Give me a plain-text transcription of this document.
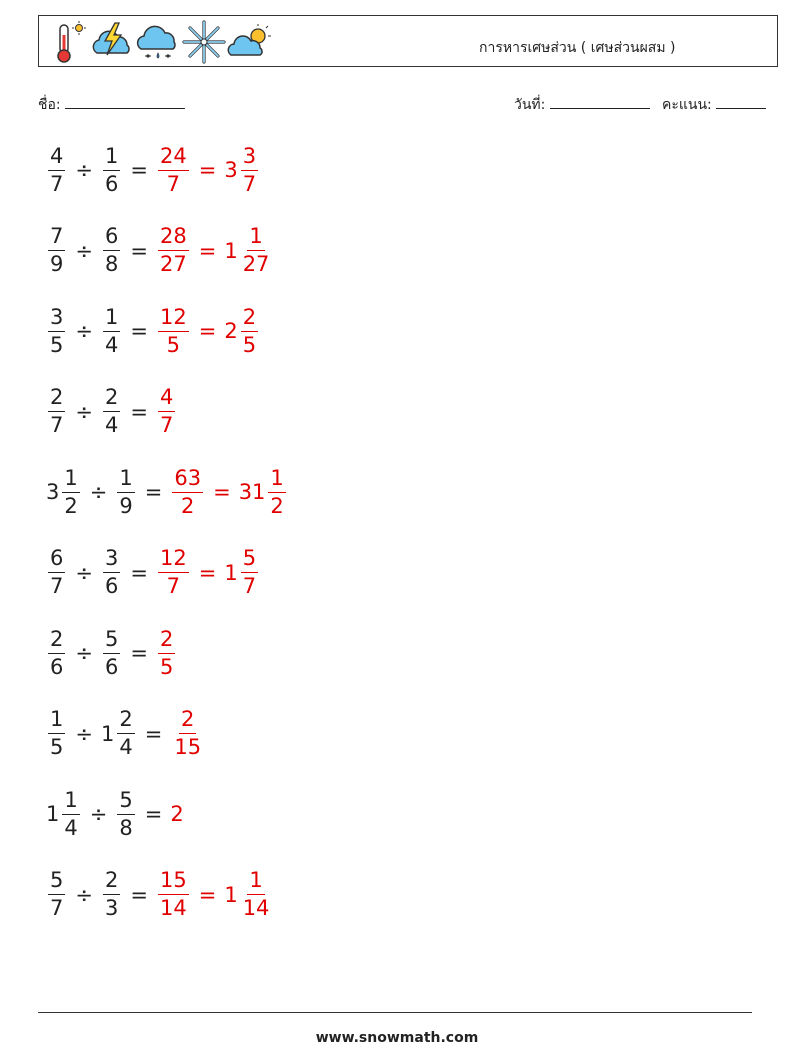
การหารเศษส่วน ( เศษส่วนผสม )
ชื่อ:	วันที่:	คะแนน:
$\frac{4}{7} \div \frac{1}{6} = \frac{24}{7} = 3 \frac{3}{7}$
$\frac{7}{9} \div \frac{6}{8} = \frac{28}{27} = 1 \frac{1}{27}$
$\frac{3}{5} \div \frac{1}{4} = \frac{12}{5} = 2 \frac{2}{5}$
$\frac{2}{7} \div \frac{2}{4} = \frac{4}{7}$
$3 \frac{1}{2} \div \frac{1}{9} = \frac{63}{2} = 31 \frac{1}{2}$
$\frac{6}{7} \div \frac{3}{6} = \frac{12}{7} = 1 \frac{5}{7}$
$\frac{2}{6} \div \frac{5}{6} = \frac{2}{5}$
$\frac{1}{5} \div 1 \frac{2}{4} = \frac{2}{15}$
$1 \frac{1}{4} \div \frac{5}{8} = 2$
$\frac{5}{7} \div \frac{2}{3} = \frac{15}{14} = 1 \frac{1}{14}$
www.snowmath.com
